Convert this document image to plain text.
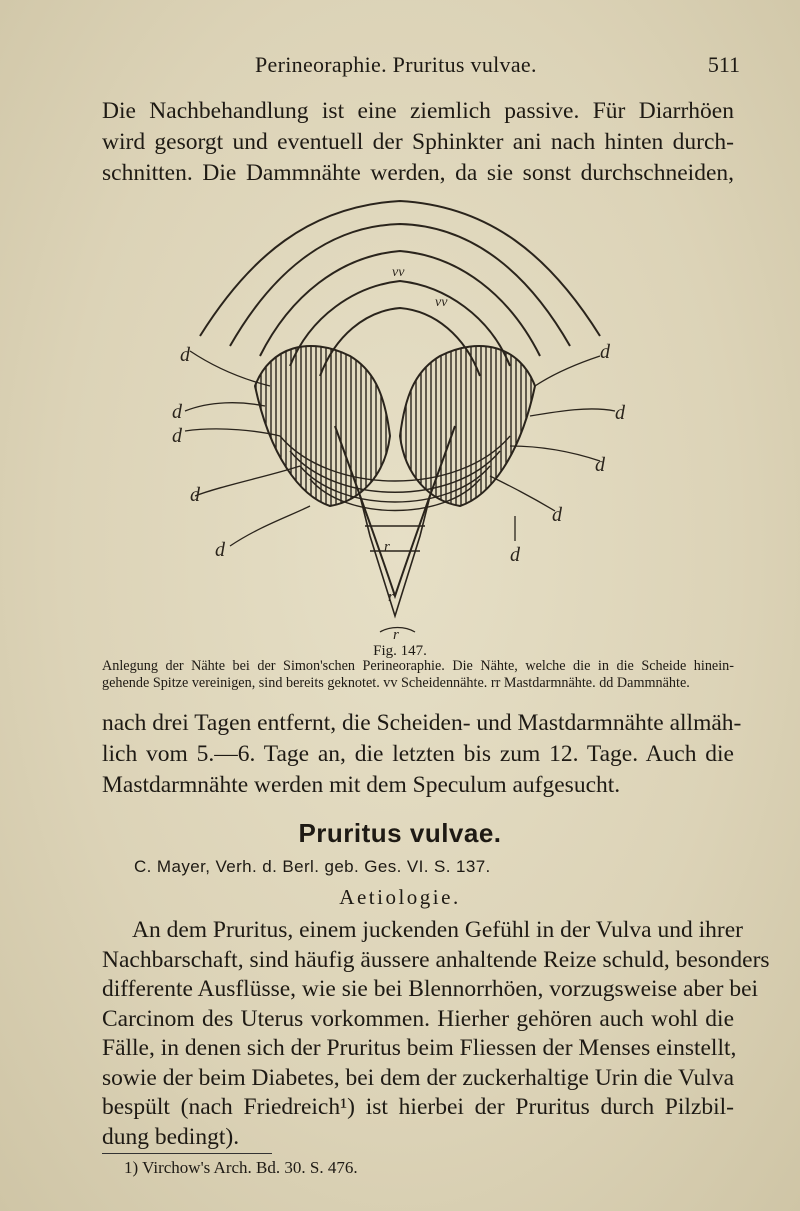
Perineoraphie. Pruritus vulvae.	511
Die Nachbehandlung ist eine ziemlich passive. Für Diarrhöen
wird gesorgt und eventuell der Sphinkter ani nach hinten durch-
schnitten. Die Dammnähte werden, da sie sonst durchschneiden,
vv
vv
d
d
d
d
d
d
d
d
d
d
r
r
r
Fig. 147.
Anlegung der Nähte bei der Simon'schen Perineoraphie. Die Nähte, welche die in die Scheide hinein-
gehende Spitze vereinigen, sind bereits geknotet. vv Scheidennähte. rr Mastdarmnähte. dd Dammnähte.
nach drei Tagen entfernt, die Scheiden- und Mastdarmnähte allmäh-
lich vom 5.—6. Tage an, die letzten bis zum 12. Tage. Auch die
Mastdarmnähte werden mit dem Speculum aufgesucht.
Pruritus vulvae.
C. Mayer, Verh. d. Berl. geb. Ges. VI. S. 137.
Aetiologie.
An dem Pruritus, einem juckenden Gefühl in der Vulva und ihrer
Nachbarschaft, sind häufig äussere anhaltende Reize schuld, besonders
differente Ausflüsse, wie sie bei Blennorrhöen, vorzugsweise aber bei
Carcinom des Uterus vorkommen. Hierher gehören auch wohl die
Fälle, in denen sich der Pruritus beim Fliessen der Menses einstellt,
sowie der beim Diabetes, bei dem der zuckerhaltige Urin die Vulva
bespült (nach Friedreich¹) ist hierbei der Pruritus durch Pilzbil-
dung bedingt).
1) Virchow's Arch. Bd. 30. S. 476.
